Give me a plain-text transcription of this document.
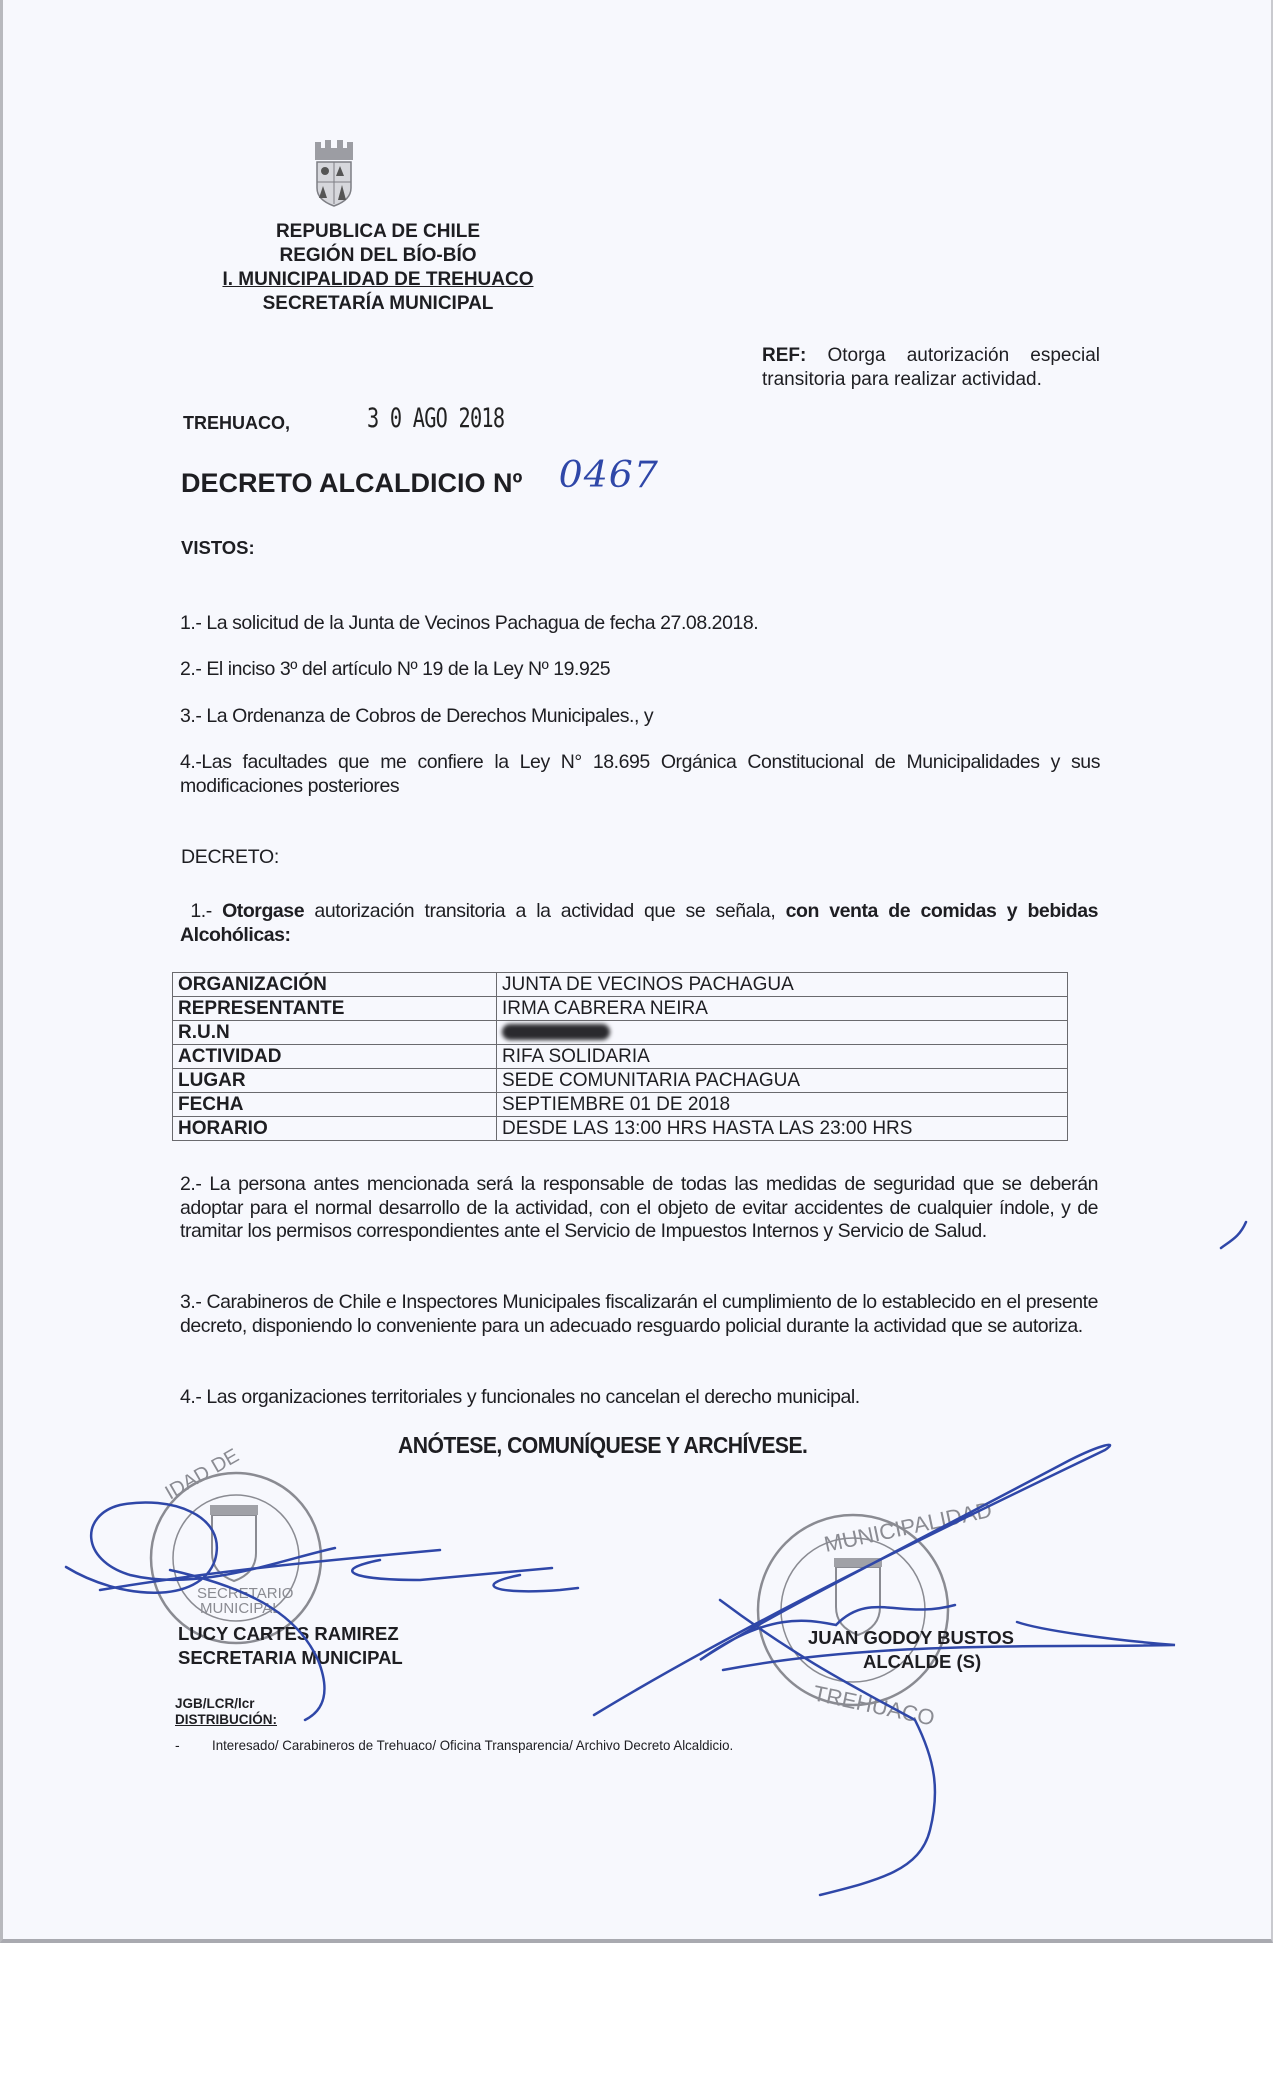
REPUBLICA DE CHILE
REGIÓN DEL BÍO-BÍO
I. MUNICIPALIDAD DE TREHUACO
SECRETARÍA MUNICIPAL
REF: Otorga autorización especial
transitoria para realizar actividad.
TREHUACO,	3 0 AGO 2018
DECRETO ALCALDICIO Nº 0467
VISTOS:
1.- La solicitud de la Junta de Vecinos Pachagua de fecha 27.08.2018.
2.- El inciso 3º del artículo Nº 19 de la Ley Nº 19.925
3.- La Ordenanza de Cobros de Derechos Municipales., y
4.-Las facultades que me confiere la Ley N° 18.695 Orgánica Constitucional de Municipalidades y sus modificaciones posteriores
DECRETO:
1.- Otorgase autorización transitoria a la actividad que se señala, con venta de comidas y bebidas Alcohólicas:
ORGANIZACIÓN	JUNTA DE VECINOS PACHAGUA
REPRESENTANTE	IRMA CABRERA NEIRA
R.U.N	
ACTIVIDAD	RIFA SOLIDARIA
LUGAR	SEDE COMUNITARIA PACHAGUA
FECHA	SEPTIEMBRE 01 DE 2018
HORARIO	DESDE LAS 13:00 HRS HASTA LAS 23:00 HRS
2.- La persona antes mencionada será la responsable de todas las medidas de seguridad que se deberán adoptar para el normal desarrollo de la actividad, con el objeto de evitar accidentes de cualquier índole, y de tramitar los permisos correspondientes ante el Servicio de Impuestos Internos y Servicio de Salud.
3.- Carabineros de Chile e Inspectores Municipales fiscalizarán el cumplimiento de lo establecido en el presente decreto, disponiendo lo conveniente para un adecuado resguardo policial durante la actividad que se autoriza.
4.- Las organizaciones territoriales y funcionales no cancelan el derecho municipal.
ANÓTESE, COMUNÍQUESE Y ARCHÍVESE.
IDAD DE
SECRETARIO
MUNICIPAL
MUNICIPALIDAD
TREHUACO
LUCY CARTES RAMIREZ
SECRETARIA MUNICIPAL
JUAN GODOY BUSTOS
ALCALDE (S)
JGB/LCR/lcr
DISTRIBUCIÓN:
- Interesado/ Carabineros de Trehuaco/ Oficina Transparencia/ Archivo Decreto Alcaldicio.
